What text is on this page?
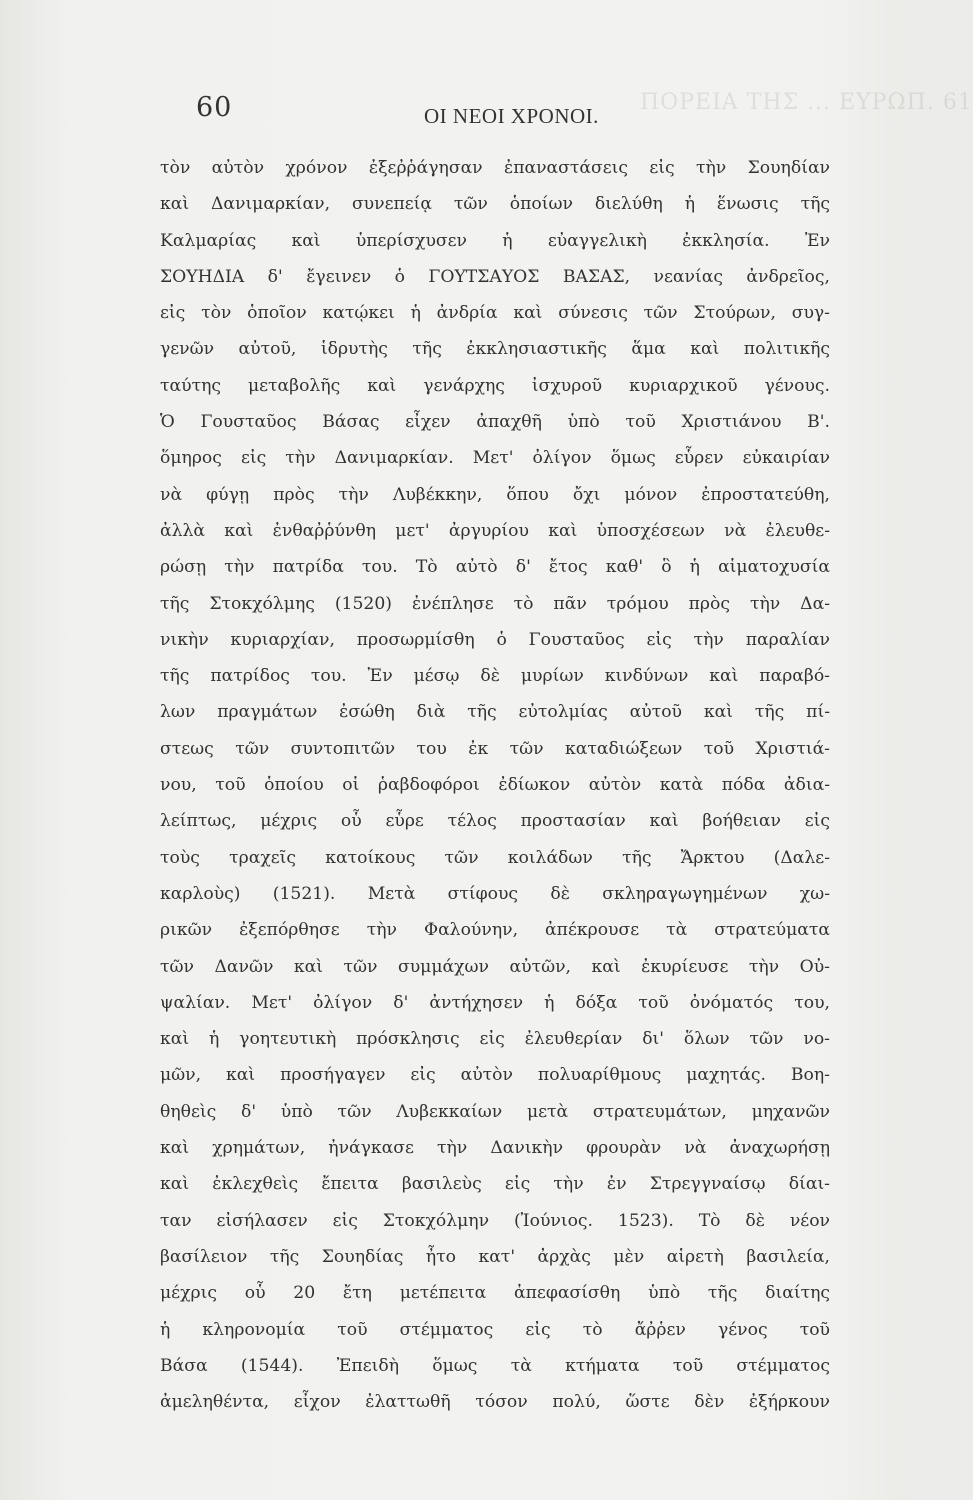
ΠΟΡΕΙΑ ΤΗΣ ... ΕΥΡΩΠ. 61
60	ΟΙ ΝΕΟΙ ΧΡΟΝΟΙ.
τὸν αὐτὸν χρόνον ἐξεῤῥάγησαν ἐπαναστάσεις εἰς τὴν Σουηδίαν
καὶ Δανιμαρκίαν, συνεπείᾳ τῶν ὁποίων διελύθη ἡ ἕνωσις τῆς
Καλμαρίας καὶ ὑπερίσχυσεν ἡ εὐαγγελικὴ ἐκκλησία. Ἐν
ΣΟΥΗΔΙΑ δ' ἔγεινεν ὁ ΓΟΥΤΣΑΥΟΣ ΒΑΣΑΣ, νεανίας ἀνδρεῖος,
εἰς τὸν ὁποῖον κατῴκει ἡ ἀνδρία καὶ σύνεσις τῶν Στούρων, συγ-
γενῶν αὐτοῦ, ἱδρυτὴς τῆς ἐκκλησιαστικῆς ἅμα καὶ πολιτικῆς
ταύτης μεταβολῆς καὶ γενάρχης ἰσχυροῦ κυριαρχικοῦ γένους.
Ὁ Γουσταῦος Βάσας εἶχεν ἀπαχθῆ ὑπὸ τοῦ Χριστιάνου Β'.
ὅμηρος εἰς τὴν Δανιμαρκίαν. Μετ' ὀλίγον ὅμως εὗρεν εὐκαιρίαν
νὰ φύγῃ πρὸς τὴν Λυβέκκην, ὅπου ὄχι μόνον ἐπροστατεύθη,
ἀλλὰ καὶ ἐνθαῤῥύνθη μετ' ἀργυρίου καὶ ὑποσχέσεων νὰ ἐλευθε-
ρώσῃ τὴν πατρίδα του. Τὸ αὐτὸ δ' ἔτος καθ' ὃ ἡ αἱματοχυσία
τῆς Στοκχόλμης (1520) ἐνέπλησε τὸ πᾶν τρόμου πρὸς τὴν Δα-
νικὴν κυριαρχίαν, προσωρμίσθη ὁ Γουσταῦος εἰς τὴν παραλίαν
τῆς πατρίδος του. Ἐν μέσῳ δὲ μυρίων κινδύνων καὶ παραβό-
λων πραγμάτων ἐσώθη διὰ τῆς εὐτολμίας αὐτοῦ καὶ τῆς πί-
στεως τῶν συντοπιτῶν του ἐκ τῶν καταδιώξεων τοῦ Χριστιά-
νου, τοῦ ὁποίου οἱ ῥαβδοφόροι ἐδίωκον αὐτὸν κατὰ πόδα ἀδια-
λείπτως, μέχρις οὗ εὗρε τέλος προστασίαν καὶ βοήθειαν εἰς
τοὺς τραχεῖς κατοίκους τῶν κοιλάδων τῆς Ἄρκτου (Δαλε-
καρλοὺς) (1521). Μετὰ στίφους δὲ σκληραγωγημένων χω-
ρικῶν ἐξεπόρθησε τὴν Φαλούνην, ἀπέκρουσε τὰ στρατεύματα
τῶν Δανῶν καὶ τῶν συμμάχων αὐτῶν, καὶ ἐκυρίευσε τὴν Οὐ-
ψαλίαν. Μετ' ὀλίγον δ' ἀντήχησεν ἡ δόξα τοῦ ὀνόματός του,
καὶ ἡ γοητευτικὴ πρόσκλησις εἰς ἐλευθερίαν δι' ὅλων τῶν νο-
μῶν, καὶ προσήγαγεν εἰς αὐτὸν πολυαρίθμους μαχητάς. Βοη-
θηθεὶς δ' ὑπὸ τῶν Λυβεκκαίων μετὰ στρατευμάτων, μηχανῶν
καὶ χρημάτων, ἠνάγκασε τὴν Δανικὴν φρουρὰν νὰ ἀναχωρήσῃ
καὶ ἐκλεχθεὶς ἔπειτα βασιλεὺς εἰς τὴν ἐν Στρεγγναίσῳ δίαι-
ταν εἰσήλασεν εἰς Στοκχόλμην (Ἰούνιος. 1523). Τὸ δὲ νέον
βασίλειον τῆς Σουηδίας ἦτο κατ' ἀρχὰς μὲν αἱρετὴ βασιλεία,
μέχρις οὗ 20 ἔτη μετέπειτα ἀπεφασίσθη ὑπὸ τῆς διαίτης
ἡ κληρονομία τοῦ στέμματος εἰς τὸ ἄῤῥεν γένος τοῦ
Βάσα (1544). Ἐπειδὴ ὅμως τὰ κτήματα τοῦ στέμματος
ἀμεληθέντα, εἶχον ἐλαττωθῆ τόσον πολύ, ὥστε δὲν ἐξήρκουν
